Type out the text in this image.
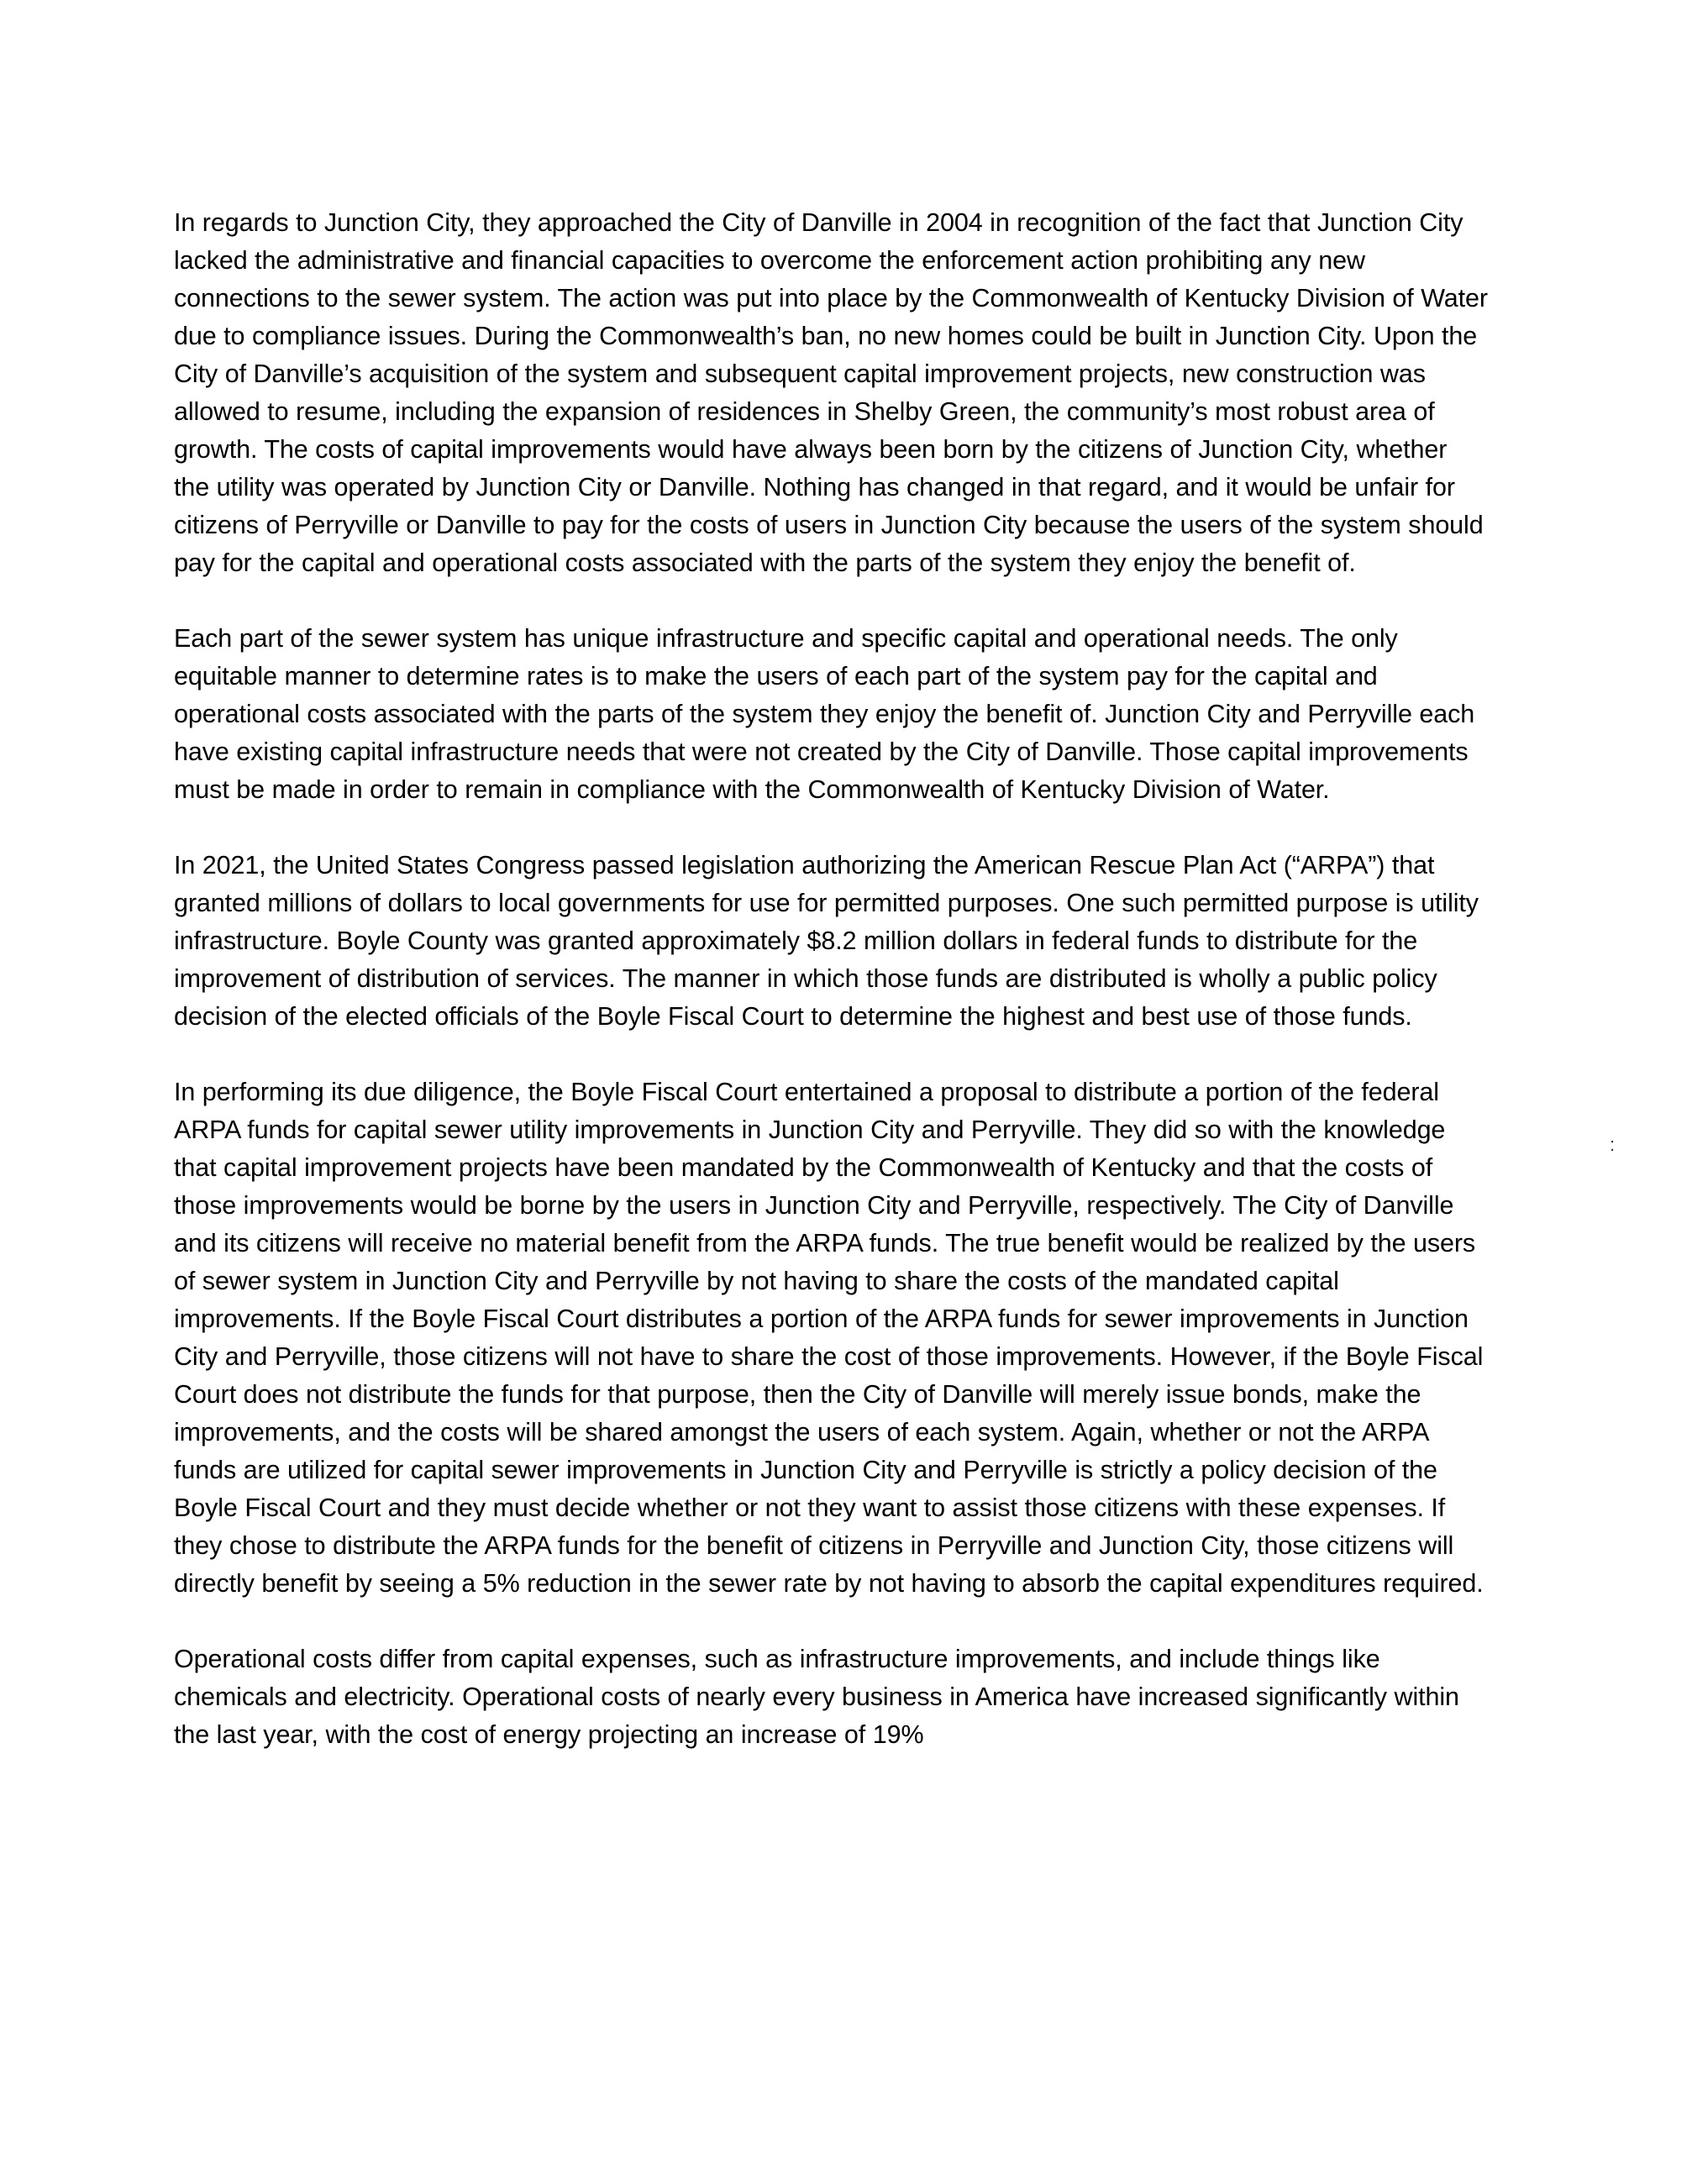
In regards to Junction City, they approached the City of Danville in 2004 in recognition of the fact that Junction City lacked the administrative and financial capacities to overcome the enforcement action prohibiting any new connections to the sewer system. The action was put into place by the Commonwealth of Kentucky Division of Water due to compliance issues. During the Commonwealth’s ban, no new homes could be built in Junction City. Upon the City of Danville’s acquisition of the system and subsequent capital improvement projects, new construction was allowed to resume, including the expansion of residences in Shelby Green, the community’s most robust area of growth. The costs of capital improvements would have always been born by the citizens of Junction City, whether the utility was operated by Junction City or Danville. Nothing has changed in that regard, and it would be unfair for citizens of Perryville or Danville to pay for the costs of users in Junction City because the users of the system should pay for the capital and operational costs associated with the parts of the system they enjoy the benefit of.

Each part of the sewer system has unique infrastructure and specific capital and operational needs. The only equitable manner to determine rates is to make the users of each part of the system pay for the capital and operational costs associated with the parts of the system they enjoy the benefit of. Junction City and Perryville each have existing capital infrastructure needs that were not created by the City of Danville. Those capital improvements must be made in order to remain in compliance with the Commonwealth of Kentucky Division of Water.

In 2021, the United States Congress passed legislation authorizing the American Rescue Plan Act (“ARPA”) that granted millions of dollars to local governments for use for permitted purposes. One such permitted purpose is utility infrastructure. Boyle County was granted approximately $8.2 million dollars in federal funds to distribute for the improvement of distribution of services. The manner in which those funds are distributed is wholly a public policy decision of the elected officials of the Boyle Fiscal Court to determine the highest and best use of those funds.

In performing its due diligence, the Boyle Fiscal Court entertained a proposal to distribute a portion of the federal ARPA funds for capital sewer utility improvements in Junction City and Perryville. They did so with the knowledge that capital improvement projects have been mandated by the Commonwealth of Kentucky and that the costs of those improvements would be borne by the users in Junction City and Perryville, respectively. The City of Danville and its citizens will receive no material benefit from the ARPA funds. The true benefit would be realized by the users of sewer system in Junction City and Perryville by not having to share the costs of the mandated capital improvements. If the Boyle Fiscal Court distributes a portion of the ARPA funds for sewer improvements in Junction City and Perryville, those citizens will not have to share the cost of those improvements. However, if the Boyle Fiscal Court does not distribute the funds for that purpose, then the City of Danville will merely issue bonds, make the improvements, and the costs will be shared amongst the users of each system. Again, whether or not the ARPA funds are utilized for capital sewer improvements in Junction City and Perryville is strictly a policy decision of the Boyle Fiscal Court and they must decide whether or not they want to assist those citizens with these expenses. If they chose to distribute the ARPA funds for the benefit of citizens in Perryville and Junction City, those citizens will directly benefit by seeing a 5% reduction in the sewer rate by not having to absorb the capital expenditures required.

Operational costs differ from capital expenses, such as infrastructure improvements, and include things like chemicals and electricity. Operational costs of nearly every business in America have increased significantly within the last year, with the cost of energy projecting an increase of 19%

:
